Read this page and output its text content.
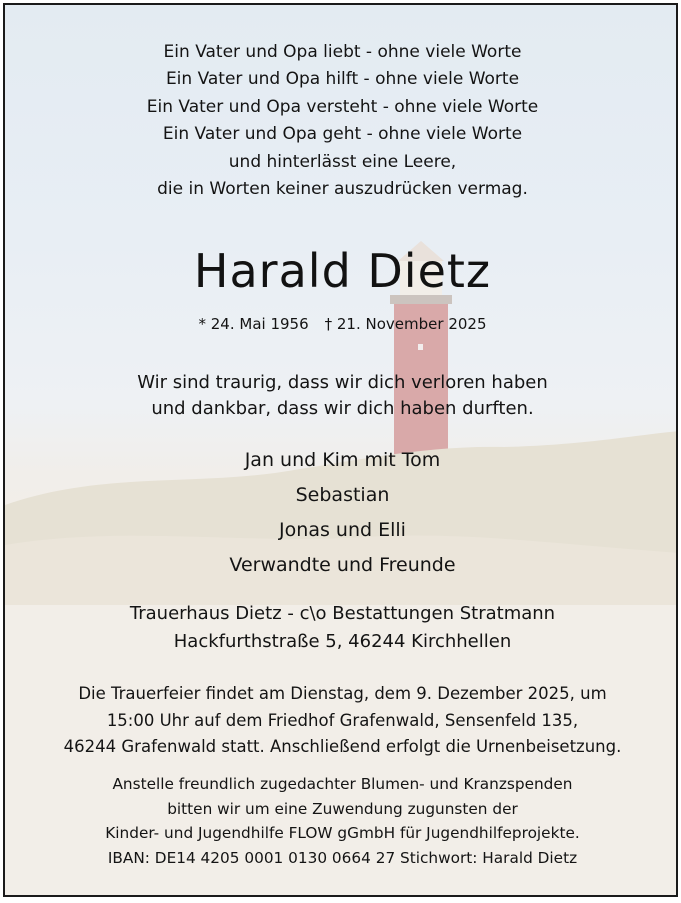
Ein Vater und Opa liebt - ohne viele Worte
Ein Vater und Opa hilft - ohne viele Worte
Ein Vater und Opa versteht - ohne viele Worte
Ein Vater und Opa geht - ohne viele Worte
und hinterlässt eine Leere,
die in Worten keiner auszudrücken vermag.
Harald Dietz
* 24. Mai 1956 † 21. November 2025
Wir sind traurig, dass wir dich verloren haben
und dankbar, dass wir dich haben durften.
Jan und Kim mit Tom
Sebastian
Jonas und Elli
Verwandte und Freunde
Trauerhaus Dietz - c\o Bestattungen Stratmann
Hackfurthstraße 5, 46244 Kirchhellen
Die Trauerfeier findet am Dienstag, dem 9. Dezember 2025, um
15:00 Uhr auf dem Friedhof Grafenwald, Sensenfeld 135,
46244 Grafenwald statt. Anschließend erfolgt die Urnenbeisetzung.
Anstelle freundlich zugedachter Blumen- und Kranzspenden
bitten wir um eine Zuwendung zugunsten der
Kinder- und Jugendhilfe FLOW gGmbH für Jugendhilfeprojekte.
IBAN: DE14 4205 0001 0130 0664 27 Stichwort: Harald Dietz
